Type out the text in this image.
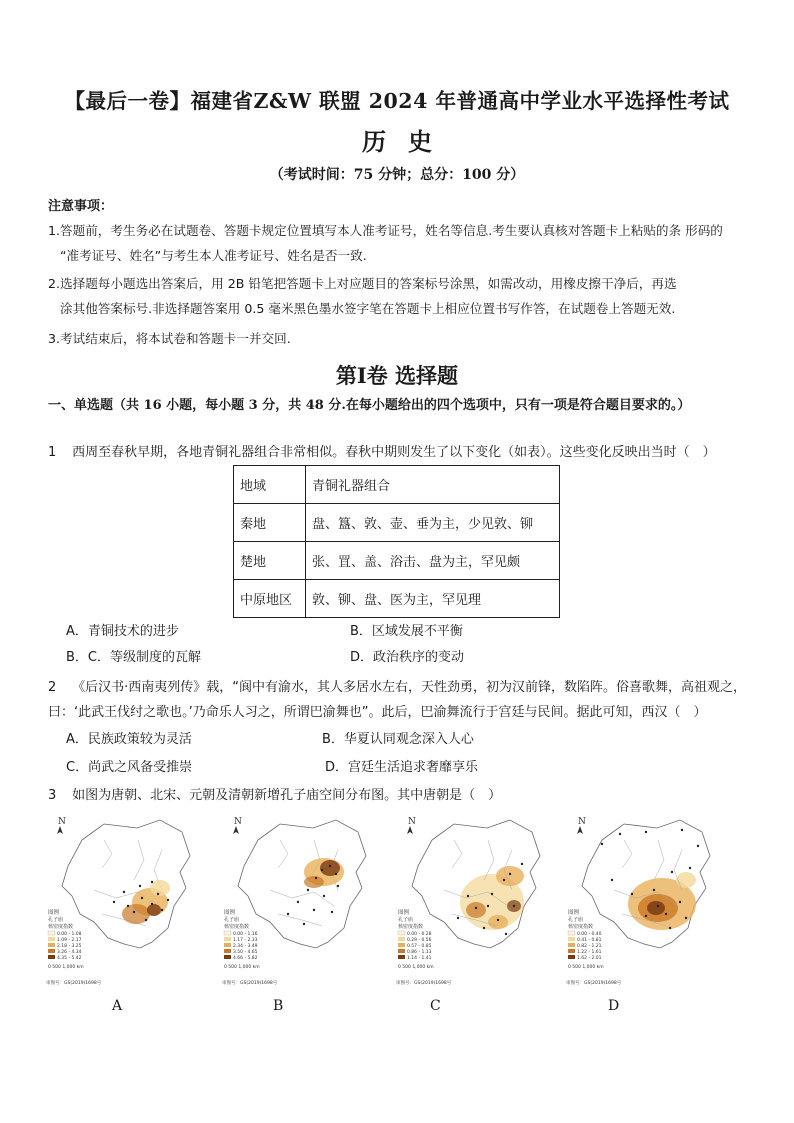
【最后一卷】福建省Z&W 联盟 2024 年普通高中学业水平选择性考试
历史
（考试时间：75 分钟；总分：100 分）
注意事项：
1.答题前，考生务必在试题卷、答题卡规定位置填写本人准考证号，姓名等信息.考生要认真核对答题卡上粘贴的条 形码的
“准考证号、姓名”与考生本人准考证号、姓名是否一致.
2.选择题每小题选出答案后，用 2B 铅笔把答题卡上对应题目的答案标号涂黑，如需改动，用橡皮擦干净后，再选
涂其他答案标号.非选择题答案用 0.5 毫米黑色墨水签字笔在答题卡上相应位置书写作答，在试题卷上答题无效.
3.考试结束后，将本试卷和答题卡一并交回.
第Ⅰ卷 选择题
一、单选题（共 16 小题，每小题 3 分，共 48 分.在每小题给出的四个选项中，只有一项是符合题目要求的。）
1 西周至春秋早期，各地青铜礼器组合非常相似。春秋中期则发生了以下变化（如表）。这些变化反映出当时（　）
地域	青铜礼器组合
秦地	盘、簋、敦、壶、垂为主，少见敦、铆
楚地	张、罝、盖、浴击、盘为主，罕见颇
中原地区	敦、铆、盘、医为主，罕见理
A．青铜技术的进步	B．区域发展不平衡
B．C．等级制度的瓦解	D．政治秩序的变动
2 《后汉书·西南夷列传》载，“阆中有渝水，其人多居水左右，天性劲勇，初为汉前锋，数陷阵。俗喜歌舞，高祖观之，
曰：‘此武王伐纣之歌也。’乃命乐人习之，所谓巴渝舞也”。此后，巴渝舞流行于宫廷与民间。据此可知，西汉（　）
A．民族政策较为灵活	B．华夏认同观念深入人心
C．尚武之风备受推崇	D．宫廷生活追求奢靡享乐
3 如图为唐朝、北宋、元朝及清朝新增孔子庙空间分布图。其中唐朝是（　）
N
图例
孔子庙
核密度指数
0.00 - 1.08
1.09 - 2.17
2.18 - 3.25
3.26 - 4.34
4.35 - 5.42
0 500 1,000 km
审图号：GS(2019)1698号
N
图例
孔子庙
核密度指数
0.00 - 1.16
1.17 - 2.33
2.34 - 3.49
3.50 - 4.65
4.66 - 5.82
0 500 1,000 km
审图号：GS(2019)1698号
N
图例
孔子庙
核密度指数
0.00 - 0.28
0.29 - 0.56
0.57 - 0.85
0.86 - 1.13
1.14 - 1.41
0 500 1,000 km
审图号：GS(2019)1698号
N
图例
孔子庙
核密度指数
0.00 - 0.40
0.41 - 0.81
0.82 - 1.21
1.22 - 1.61
1.62 - 2.01
0 500 1,000 km
审图号：GS(2019)1698号
A	B	C	D
